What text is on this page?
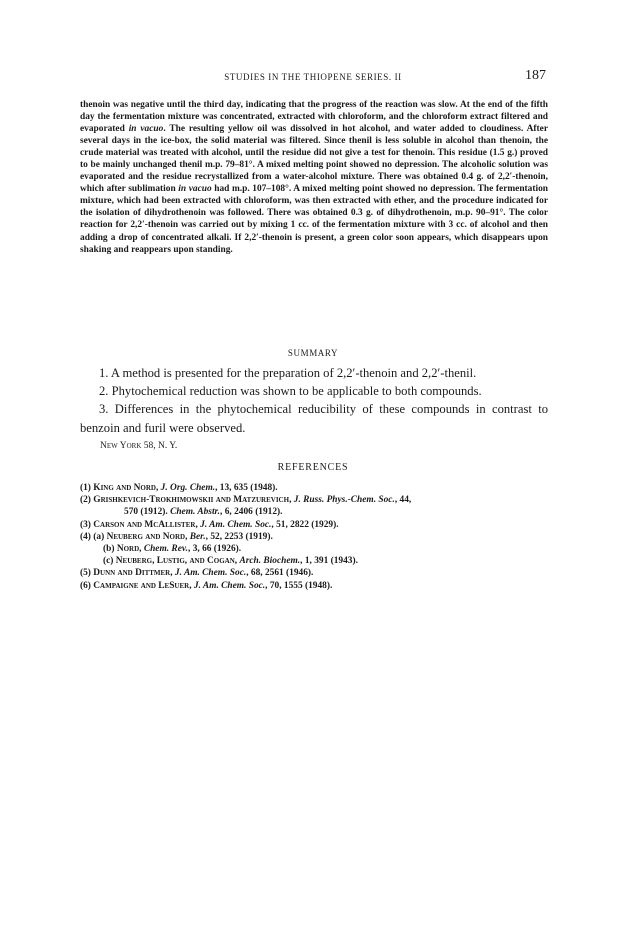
STUDIES IN THE THIOPENE SERIES. II	187

thenoin was negative until the third day, indicating that the progress of the reaction was slow. At the end of the fifth day the fermentation mixture was concentrated, extracted with chloroform, and the chloroform extract filtered and evaporated in vacuo. The resulting yellow oil was dissolved in hot alcohol, and water added to cloudiness. After several days in the ice-box, the solid material was filtered. Since thenil is less soluble in alcohol than thenoin, the crude material was treated with alcohol, until the residue did not give a test for thenoin. This residue (1.5 g.) proved to be mainly unchanged thenil m.p. 79–81°. A mixed melting point showed no depression. The alcoholic solution was evaporated and the residue recrystallized from a water-alcohol mixture. There was obtained 0.4 g. of 2,2′-thenoin, which after sublimation in vacuo had m.p. 107–108°. A mixed melting point showed no depression. The fermentation mixture, which had been extracted with chloroform, was then extracted with ether, and the procedure indicated for the isolation of dihydrothenoin was followed. There was obtained 0.3 g. of dihydrothenoin, m.p. 90–91°. The color reaction for 2,2′-thenoin was carried out by mixing 1 cc. of the fermentation mixture with 3 cc. of alcohol and then adding a drop of concentrated alkali. If 2,2′-thenoin is present, a green color soon appears, which disappears upon shaking and reappears upon standing.

SUMMARY
1. A method is presented for the preparation of 2,2′-thenoin and 2,2′-thenil.
2. Phytochemical reduction was shown to be applicable to both compounds.
3. Differences in the phytochemical reducibility of these compounds in contrast to benzoin and furil were observed.
New York 58, N. Y.
REFERENCES
(1) King and Nord, J. Org. Chem., 13, 635 (1948).
(2) Grishkevich-Trokhimowskii and Matzurevich, J. Russ. Phys.-Chem. Soc., 44,
570 (1912). Chem. Abstr., 6, 2406 (1912).
(3) Carson and McAllister, J. Am. Chem. Soc., 51, 2822 (1929).
(4) (a) Neuberg and Nord, Ber., 52, 2253 (1919).
(b) Nord, Chem. Rev., 3, 66 (1926).
(c) Neuberg, Lustig, and Cogan, Arch. Biochem., 1, 391 (1943).
(5) Dunn and Dittmer, J. Am. Chem. Soc., 68, 2561 (1946).
(6) Campaigne and LeSuer, J. Am. Chem. Soc., 70, 1555 (1948).
